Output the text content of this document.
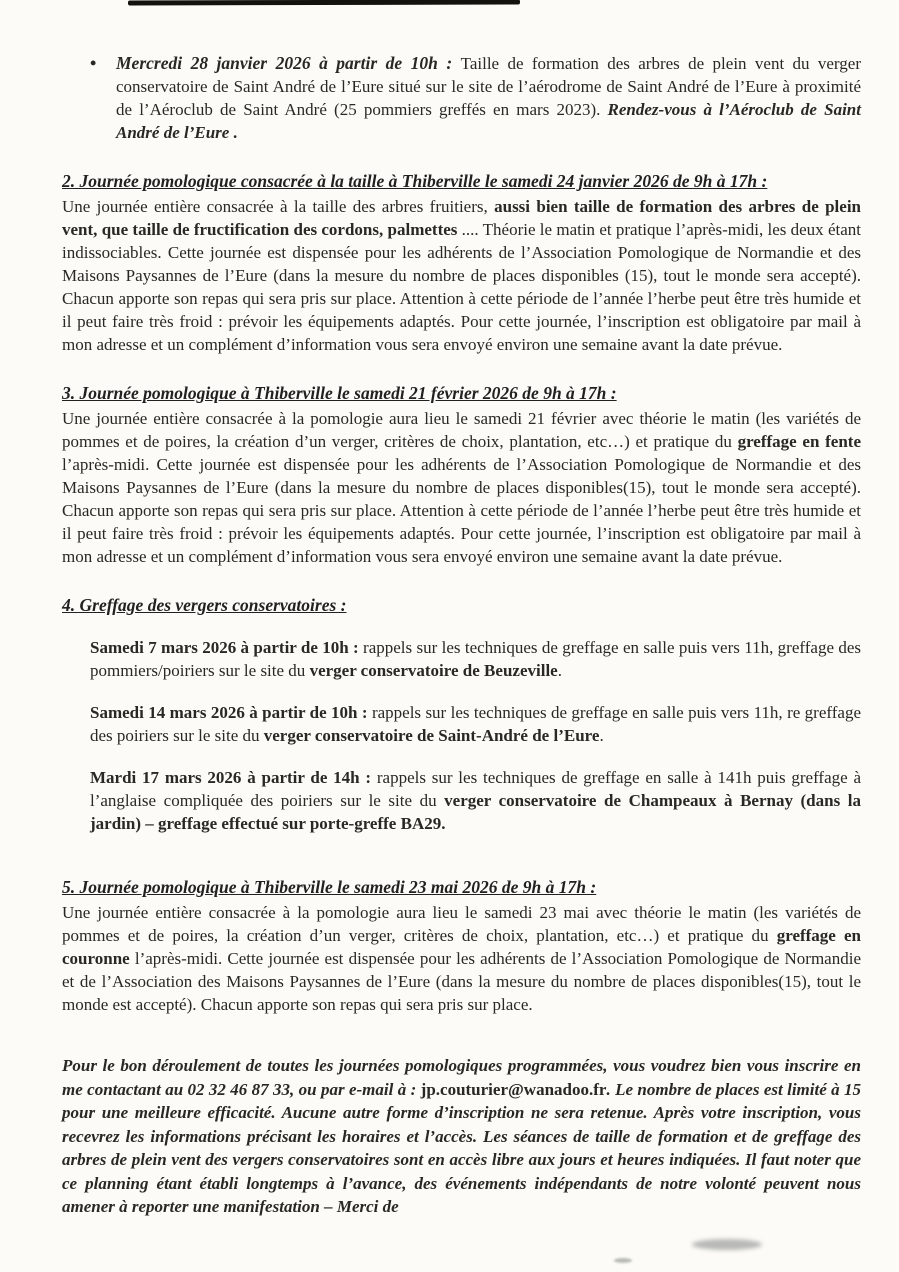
•	Mercredi 28 janvier 2026 à partir de 10h : Taille de formation des arbres de plein vent du verger conservatoire de Saint André de l’Eure situé sur le site de l’aérodrome de Saint André de l’Eure à proximité de l’Aéroclub de Saint André (25 pommiers greffés en mars 2023). Rendez-vous à l’Aéroclub de Saint André de l’Eure .

2. Journée pomologique consacrée à la taille à Thiberville le samedi 24 janvier 2026 de 9h à 17h :

Une journée entière consacrée à la taille des arbres fruitiers, aussi bien taille de formation des arbres de plein vent, que taille de fructification des cordons, palmettes .... Théorie le matin et pratique l’après-midi, les deux étant indissociables. Cette journée est dispensée pour les adhérents de l’Association Pomologique de Normandie et des Maisons Paysannes de l’Eure (dans la mesure du nombre de places disponibles (15), tout le monde sera accepté). Chacun apporte son repas qui sera pris sur place. Attention à cette période de l’année l’herbe peut être très humide et il peut faire très froid : prévoir les équipements adaptés. Pour cette journée, l’inscription est obligatoire par mail à mon adresse et un complément d’information vous sera envoyé environ une semaine avant la date prévue.

3. Journée pomologique à Thiberville le samedi 21 février 2026 de 9h à 17h :

Une journée entière consacrée à la pomologie aura lieu le samedi 21 février avec théorie le matin (les variétés de pommes et de poires, la création d’un verger, critères de choix, plantation, etc…) et pratique du greffage en fente l’après-midi. Cette journée est dispensée pour les adhérents de l’Association Pomologique de Normandie et des Maisons Paysannes de l’Eure (dans la mesure du nombre de places disponibles(15), tout le monde sera accepté). Chacun apporte son repas qui sera pris sur place. Attention à cette période de l’année l’herbe peut être très humide et il peut faire très froid : prévoir les équipements adaptés. Pour cette journée, l’inscription est obligatoire par mail à mon adresse et un complément d’information vous sera envoyé environ une semaine avant la date prévue.

4. Greffage des vergers conservatoires :

Samedi 7 mars 2026 à partir de 10h : rappels sur les techniques de greffage en salle puis vers 11h, greffage des pommiers/poiriers sur le site du verger conservatoire de Beuzeville.

Samedi 14 mars 2026 à partir de 10h : rappels sur les techniques de greffage en salle puis vers 11h, re greffage des poiriers sur le site du verger conservatoire de Saint-André de l’Eure.

Mardi 17 mars 2026 à partir de 14h : rappels sur les techniques de greffage en salle à 141h puis greffage à l’anglaise compliquée des poiriers sur le site du verger conservatoire de Champeaux à Bernay (dans la jardin) – greffage effectué sur porte-greffe BA29.

5. Journée pomologique à Thiberville le samedi 23 mai 2026 de 9h à 17h :

Une journée entière consacrée à la pomologie aura lieu le samedi 23 mai avec théorie le matin (les variétés de pommes et de poires, la création d’un verger, critères de choix, plantation, etc…) et pratique du greffage en couronne l’après-midi. Cette journée est dispensée pour les adhérents de l’Association Pomologique de Normandie et de l’Association des Maisons Paysannes de l’Eure (dans la mesure du nombre de places disponibles(15), tout le monde est accepté). Chacun apporte son repas qui sera pris sur place.

Pour le bon déroulement de toutes les journées pomologiques programmées, vous voudrez bien vous inscrire en me contactant au 02 32 46 87 33, ou par e-mail à : jp.couturier@wanadoo.fr. Le nombre de places est limité à 15 pour une meilleure efficacité. Aucune autre forme d’inscription ne sera retenue. Après votre inscription, vous recevrez les informations précisant les horaires et l’accès. Les séances de taille de formation et de greffage des arbres de plein vent des vergers conservatoires sont en accès libre aux jours et heures indiquées. Il faut noter que ce planning étant établi longtemps à l’avance, des événements indépendants de notre volonté peuvent nous amener à reporter une manifestation – Merci de
